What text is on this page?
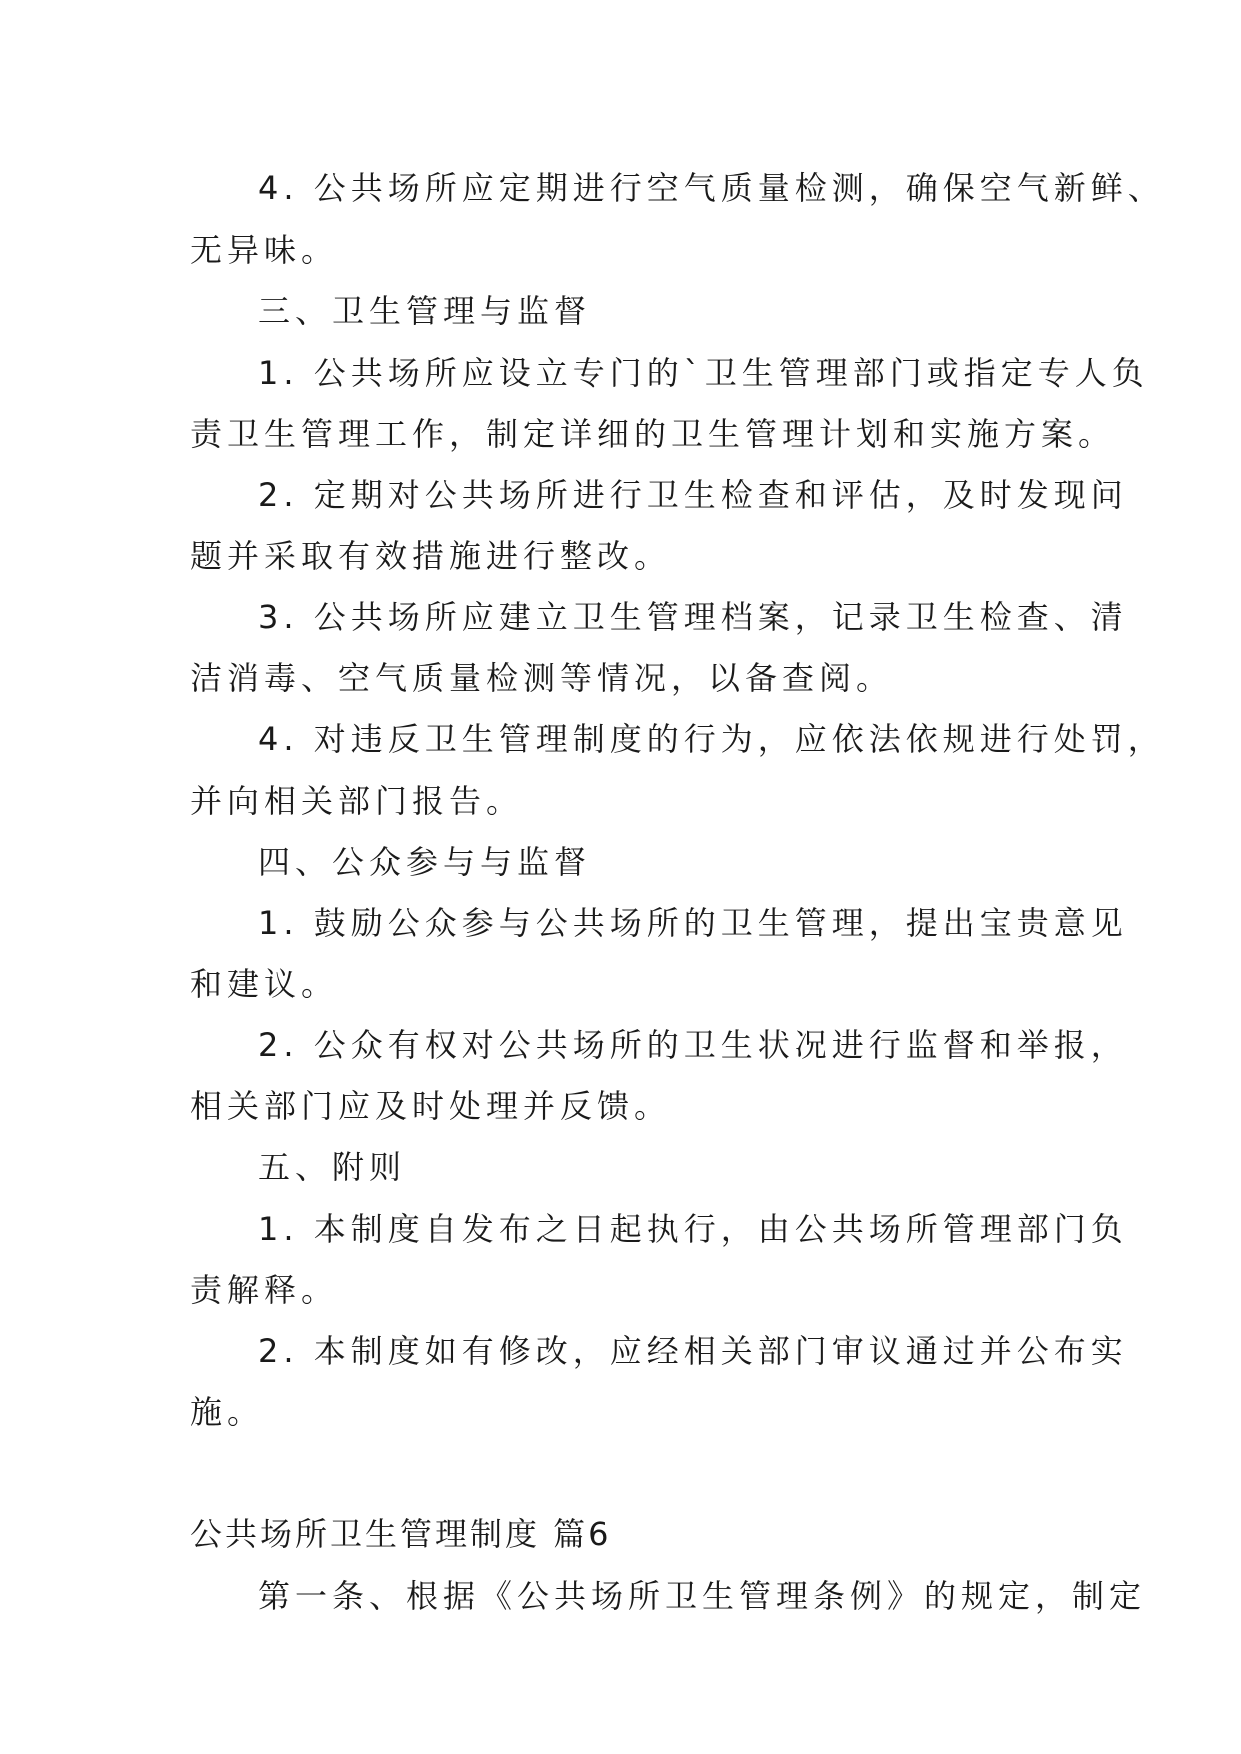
4. 公共场所应定期进行空气质量检测，确保空气新鲜、
无异味。
三、卫生管理与监督
1. 公共场所应设立专门的`卫生管理部门或指定专人负
责卫生管理工作，制定详细的卫生管理计划和实施方案。
2. 定期对公共场所进行卫生检查和评估，及时发现问
题并采取有效措施进行整改。
3. 公共场所应建立卫生管理档案，记录卫生检查、清
洁消毒、空气质量检测等情况，以备查阅。
4. 对违反卫生管理制度的行为，应依法依规进行处罚，
并向相关部门报告。
四、公众参与与监督
1. 鼓励公众参与公共场所的卫生管理，提出宝贵意见
和建议。
2. 公众有权对公共场所的卫生状况进行监督和举报，
相关部门应及时处理并反馈。
五、附则
1. 本制度自发布之日起执行，由公共场所管理部门负
责解释。
2. 本制度如有修改，应经相关部门审议通过并公布实
施。
公共场所卫生管理制度 篇6
第一条、根据《公共场所卫生管理条例》的规定，制定
